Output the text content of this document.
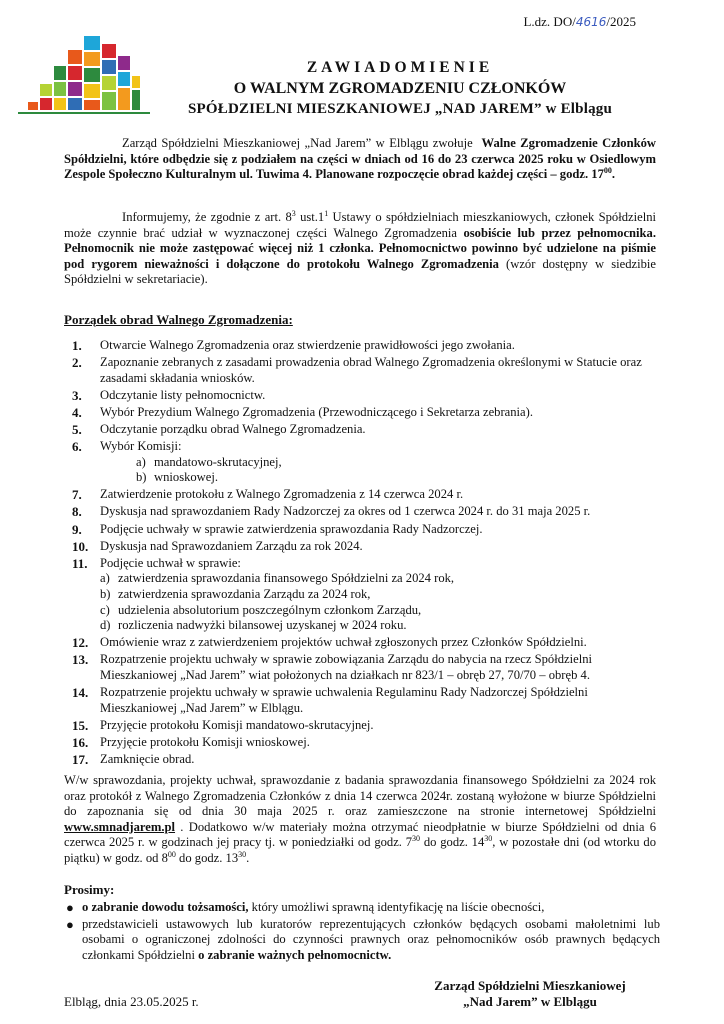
L.dz. DO/4616/2025
ZAWIADOMIENIE
O WALNYM ZGROMADZENIU CZŁONKÓW
SPÓŁDZIELNI MIESZKANIOWEJ „NAD JAREM” w Elblągu

Zarząd Spółdzielni Mieszkaniowej „Nad Jarem” w Elblągu zwołuje Walne Zgromadzenie Członków Spółdzielni, które odbędzie się z podziałem na części w dniach od 16 do 23 czerwca 2025 roku w Osiedlowym Zespole Społeczno Kulturalnym ul. Tuwima 4. Planowane rozpoczęcie obrad każdej części – godz. $17^{00}$.

Informujemy, że zgodnie z art. $8^3$ $ust.1^1$ Ustawy o spółdzielniach mieszkaniowych, członek Spółdzielni może czynnie brać udział w wyznaczonej części Walnego Zgromadzenia osobiście lub przez pełnomocnika. Pełnomocnik nie może zastępować więcej niż 1 członka. Pełnomocnictwo powinno być udzielone na piśmie pod rygorem nieważności i dołączone do protokołu Walnego Zgromadzenia (wzór dostępny w siedzibie Spółdzielni w sekretariacie).

Porządek obrad Walnego Zgromadzenia:
1.	Otwarcie Walnego Zgromadzenia oraz stwierdzenie prawidłowości jego zwołania.
2.	Zapoznanie zebranych z zasadami prowadzenia obrad Walnego Zgromadzenia określonymi w Statucie oraz zasadami składania wniosków.
3.	Odczytanie listy pełnomocnictw.
4.	Wybór Prezydium Walnego Zgromadzenia (Przewodniczącego i Sekretarza zebrania).
5.	Odczytanie porządku obrad Walnego Zgromadzenia.
6.	Wybór Komisji:
a) mandatowo-skrutacyjnej,
b) wnioskowej.
7.	Zatwierdzenie protokołu z Walnego Zgromadzenia z 14 czerwca 2024 r.
8.	Dyskusja nad sprawozdaniem Rady Nadzorczej za okres od 1 czerwca 2024 r. do 31 maja 2025 r.
9.	Podjęcie uchwały w sprawie zatwierdzenia sprawozdania Rady Nadzorczej.
10. Dyskusja nad Sprawozdaniem Zarządu za rok 2024.
11. Podjęcie uchwał w sprawie:
a) zatwierdzenia sprawozdania finansowego Spółdzielni za 2024 rok,
b) zatwierdzenia sprawozdania Zarządu za 2024 rok,
c) udzielenia absolutorium poszczególnym członkom Zarządu,
d) rozliczenia nadwyżki bilansowej uzyskanej w 2024 roku.
12. Omówienie wraz z zatwierdzeniem projektów uchwał zgłoszonych przez Członków Spółdzielni.
13. Rozpatrzenie projektu uchwały w sprawie zobowiązania Zarządu do nabycia na rzecz Spółdzielni Mieszkaniowej „Nad Jarem” wiat położonych na działkach nr 823/1 – obręb 27, 70/70 – obręb 4.
14. Rozpatrzenie projektu uchwały w sprawie uchwalenia Regulaminu Rady Nadzorczej Spółdzielni Mieszkaniowej „Nad Jarem” w Elblągu.
15. Przyjęcie protokołu Komisji mandatowo-skrutacyjnej.
16. Przyjęcie protokołu Komisji wnioskowej.
17. Zamknięcie obrad.

W/w sprawozdania, projekty uchwał, sprawozdanie z badania sprawozdania finansowego Spółdzielni za 2024 rok oraz protokół z Walnego Zgromadzenia Członków z dnia 14 czerwca 2024r. zostaną wyłożone w biurze Spółdzielni do zapoznania się od dnia 30 maja 2025 r. oraz zamieszczone na stronie internetowej Spółdzielni www.smnadjarem.pl . Dodatkowo w/w materiały można otrzymać nieodpłatnie w biurze Spółdzielni od dnia 6 czerwca 2025 r. w godzinach jej pracy tj. w poniedziałki od godz. $7^{30}$ do godz. $14^{30}$, w pozostałe dni (od wtorku do piątku) w godz. od $8^{00}$ do godz. $13^{30}$.

Prosimy:
● o zabranie dowodu tożsamości, który umożliwi sprawną identyfikację na liście obecności,
● przedstawicieli ustawowych lub kuratorów reprezentujących członków będących osobami małoletnimi lub osobami o ograniczonej zdolności do czynności prawnych oraz pełnomocników osób prawnych będących członkami Spółdzielni o zabranie ważnych pełnomocnictw.
Zarząd Spółdzielni Mieszkaniowej
„Nad Jarem” w Elblągu
Elbląg, dnia 23.05.2025 r.
